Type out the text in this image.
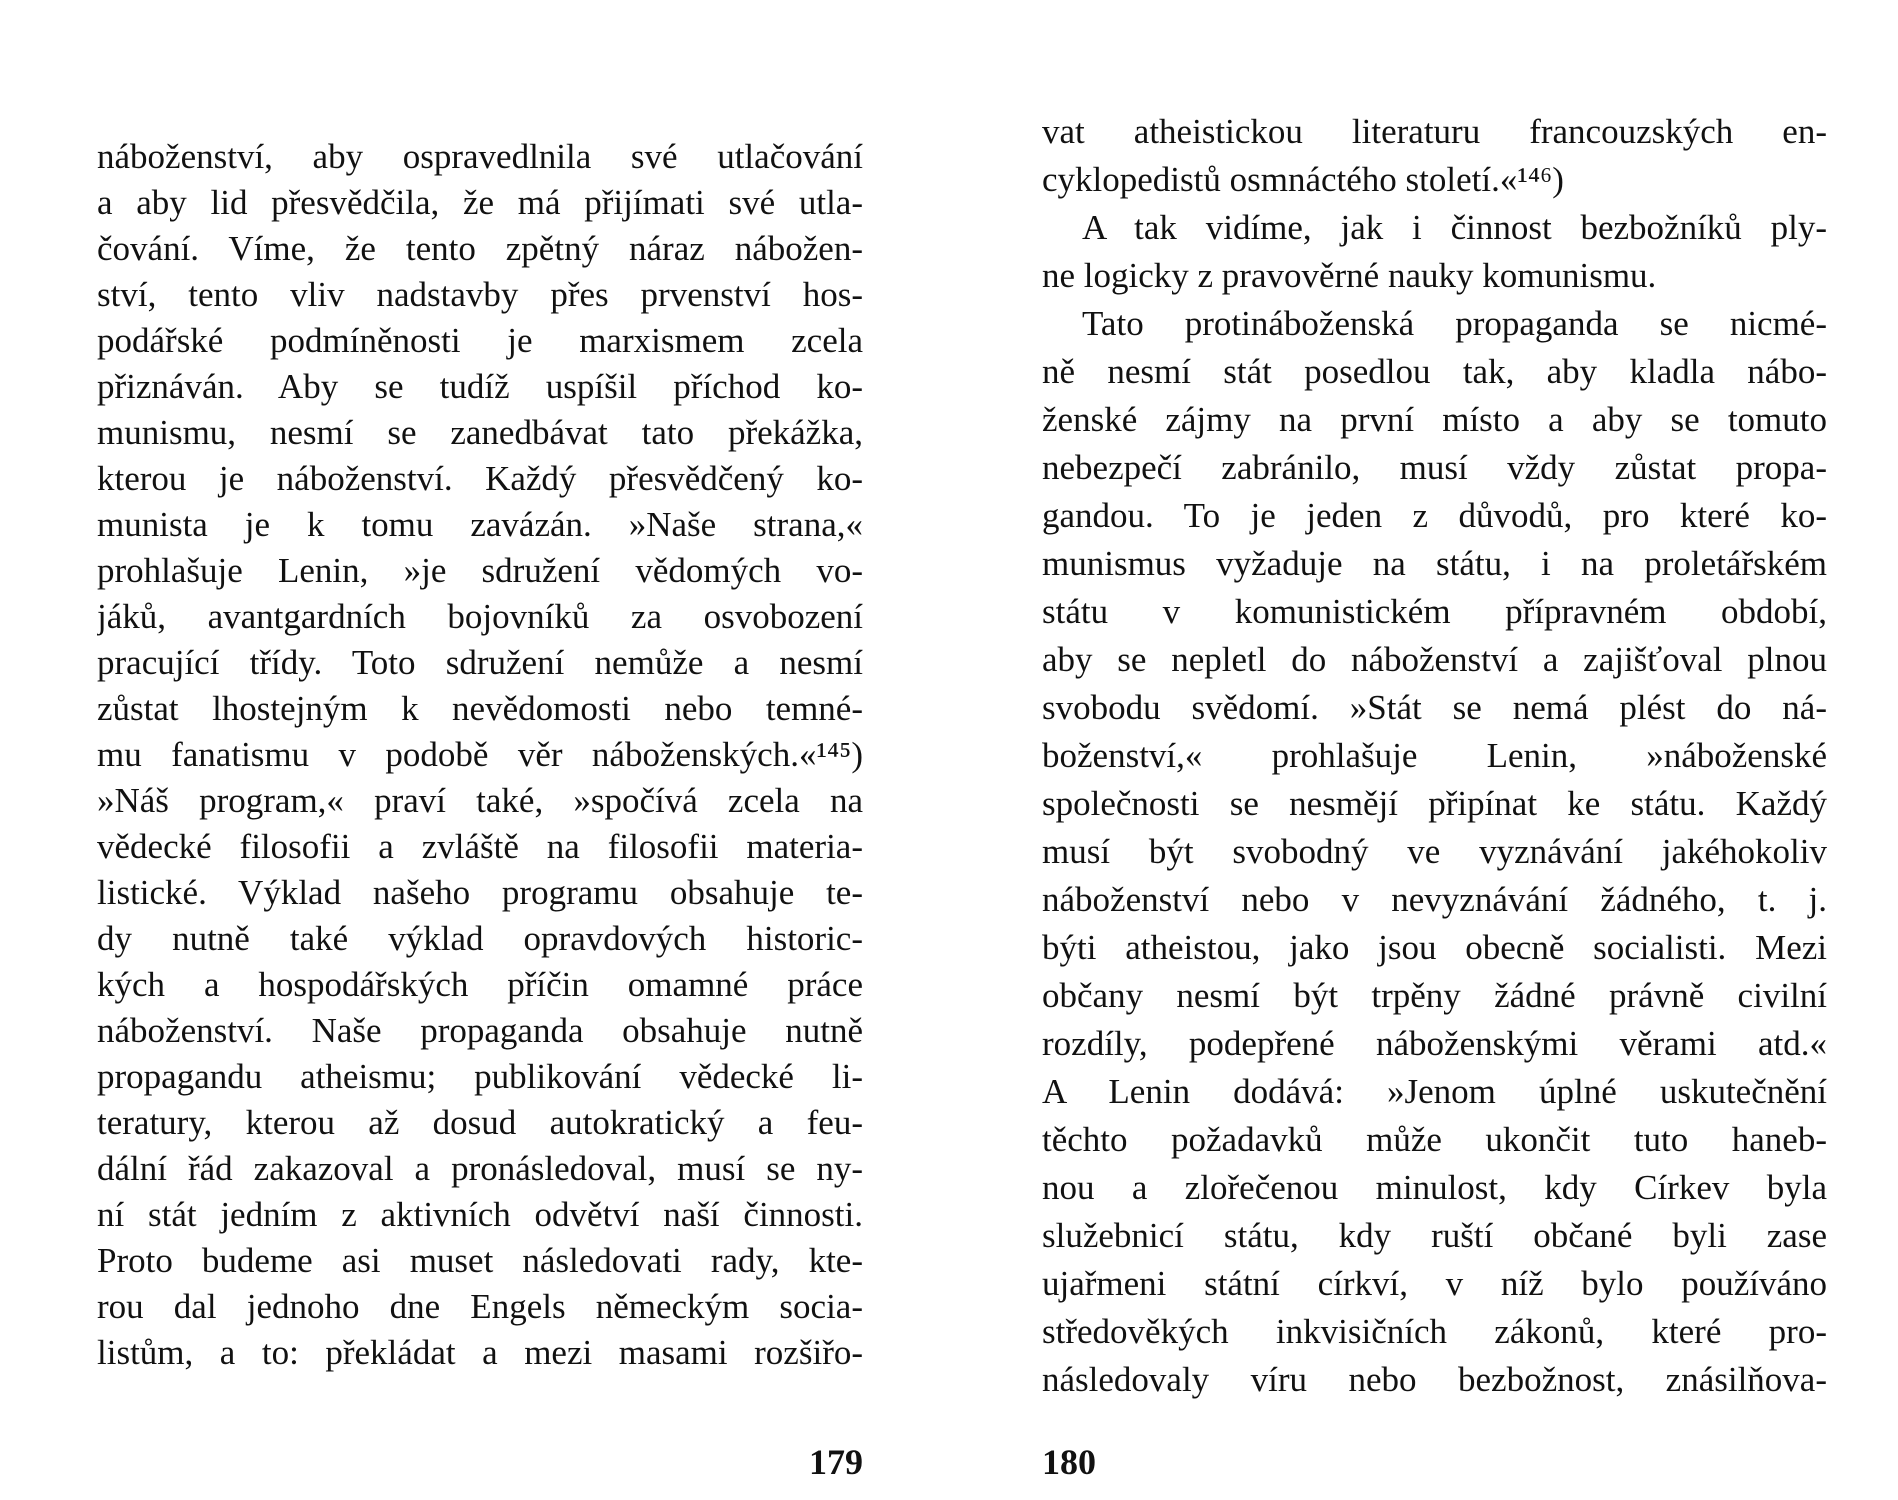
náboženství, aby ospravedlnila své utlačování
a aby lid přesvědčila, že má přijímati své utla-
čování. Víme, že tento zpětný náraz nábožen-
ství, tento vliv nadstavby přes prvenství hos-
podářské podmíněnosti je marxismem zcela
přiznáván. Aby se tudíž uspíšil příchod ko-
munismu, nesmí se zanedbávat tato překážka,
kterou je náboženství. Každý přesvědčený ko-
munista je k tomu zavázán. »Naše strana,«
prohlašuje Lenin, »je sdružení vědomých vo-
jáků, avantgardních bojovníků za osvobození
pracující třídy. Toto sdružení nemůže a nesmí
zůstat lhostejným k nevědomosti nebo temné-
mu fanatismu v podobě věr náboženských.«¹⁴⁵)
»Náš program,« praví také, »spočívá zcela na
vědecké filosofii a zvláště na filosofii materia-
listické. Výklad našeho programu obsahuje te-
dy nutně také výklad opravdových historic-
kých a hospodářských příčin omamné práce
náboženství. Naše propaganda obsahuje nutně
propagandu atheismu; publikování vědecké li-
teratury, kterou až dosud autokratický a feu-
dální řád zakazoval a pronásledoval, musí se ny-
ní stát jedním z aktivních odvětví naší činnosti.
Proto budeme asi muset následovati rady, kte-
rou dal jednoho dne Engels německým socia-
listům, a to: překládat a mezi masami rozšiřo-
179
vat atheistickou literaturu francouzských en-
cyklopedistů osmnáctého století.«¹⁴⁶)
A tak vidíme, jak i činnost bezbožníků ply-
ne logicky z pravověrné nauky komunismu.
Tato protináboženská propaganda se nicmé-
ně nesmí stát posedlou tak, aby kladla nábo-
ženské zájmy na první místo a aby se tomuto
nebezpečí zabránilo, musí vždy zůstat propa-
gandou. To je jeden z důvodů, pro které ko-
munismus vyžaduje na státu, i na proletářském
státu v komunistickém přípravném období,
aby se nepletl do náboženství a zajišťoval plnou
svobodu svědomí. »Stát se nemá plést do ná-
boženství,« prohlašuje Lenin, »náboženské
společnosti se nesmějí připínat ke státu. Každý
musí být svobodný ve vyznávání jakéhokoliv
náboženství nebo v nevyznávání žádného, t. j.
býti atheistou, jako jsou obecně socialisti. Mezi
občany nesmí být trpěny žádné právně civilní
rozdíly, podepřené náboženskými věrami atd.«
A Lenin dodává: »Jenom úplné uskutečnění
těchto požadavků může ukončit tuto haneb-
nou a zlořečenou minulost, kdy Církev byla
služebnicí státu, kdy ruští občané byli zase
ujařmeni státní církví, v níž bylo používáno
středověkých inkvisičních zákonů, které pro-
následovaly víru nebo bezbožnost, znásilňova-
180
